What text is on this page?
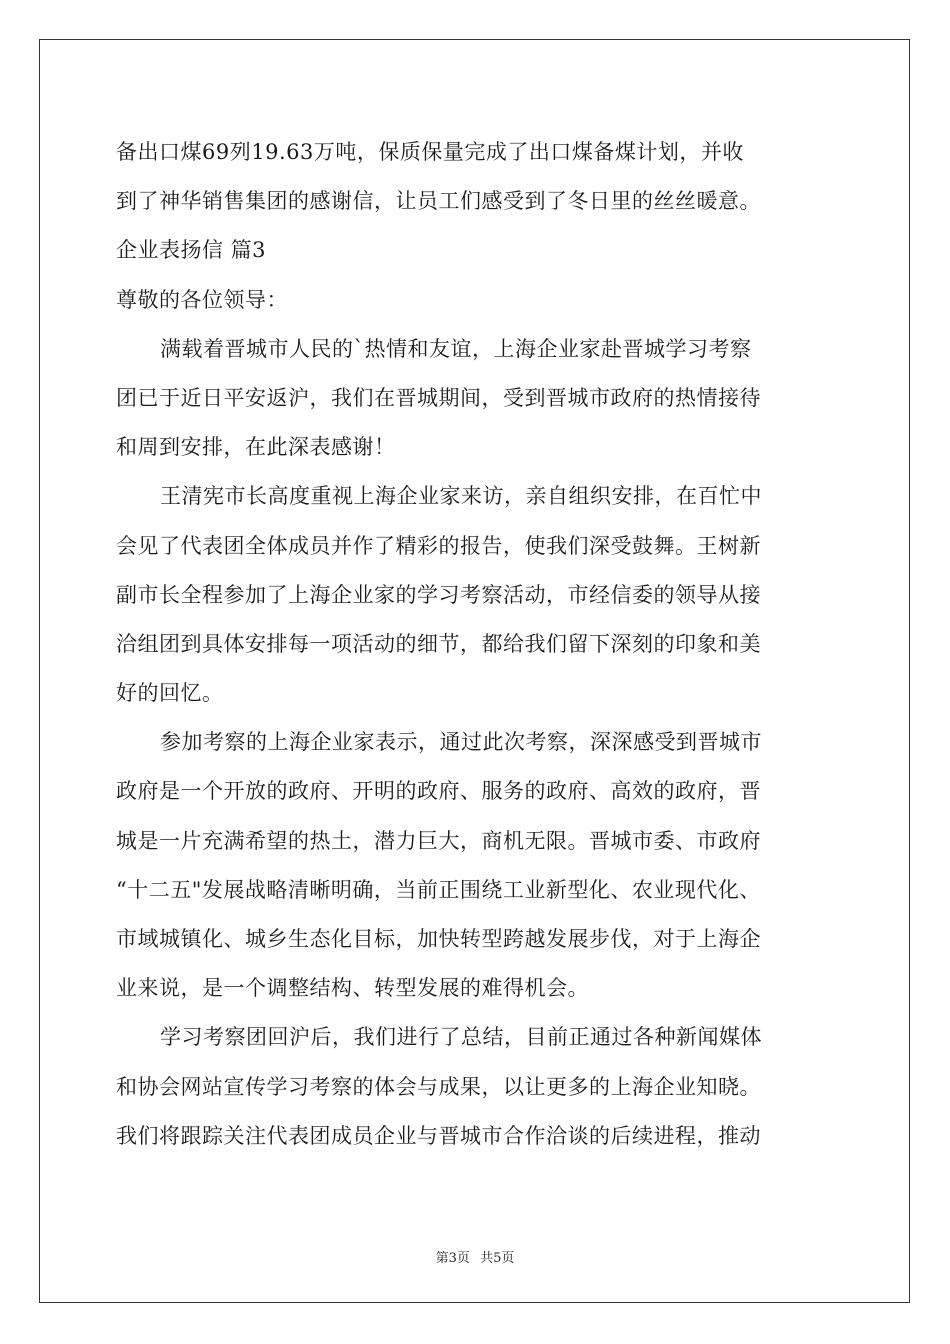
备出口煤69列19.63万吨，保质保量完成了出口煤备煤计划，并收
到了神华销售集团的感谢信，让员工们感受到了冬日里的丝丝暖意。
企业表扬信 篇3
尊敬的各位领导：
满载着晋城市人民的`热情和友谊，上海企业家赴晋城学习考察
团已于近日平安返沪，我们在晋城期间，受到晋城市政府的热情接待
和周到安排，在此深表感谢！
王清宪市长高度重视上海企业家来访，亲自组织安排，在百忙中
会见了代表团全体成员并作了精彩的报告，使我们深受鼓舞。王树新
副市长全程参加了上海企业家的学习考察活动，市经信委的领导从接
洽组团到具体安排每一项活动的细节，都给我们留下深刻的印象和美
好的回忆。
参加考察的上海企业家表示，通过此次考察，深深感受到晋城市
政府是一个开放的政府、开明的政府、服务的政府、高效的政府，晋
城是一片充满希望的热土，潜力巨大，商机无限。晋城市委、市政府
“十二五"发展战略清晰明确，当前正围绕工业新型化、农业现代化、
市域城镇化、城乡生态化目标，加快转型跨越发展步伐，对于上海企
业来说，是一个调整结构、转型发展的难得机会。
学习考察团回沪后，我们进行了总结，目前正通过各种新闻媒体
和协会网站宣传学习考察的体会与成果，以让更多的上海企业知晓。
我们将跟踪关注代表团成员企业与晋城市合作洽谈的后续进程，推动
第3页 共5页
